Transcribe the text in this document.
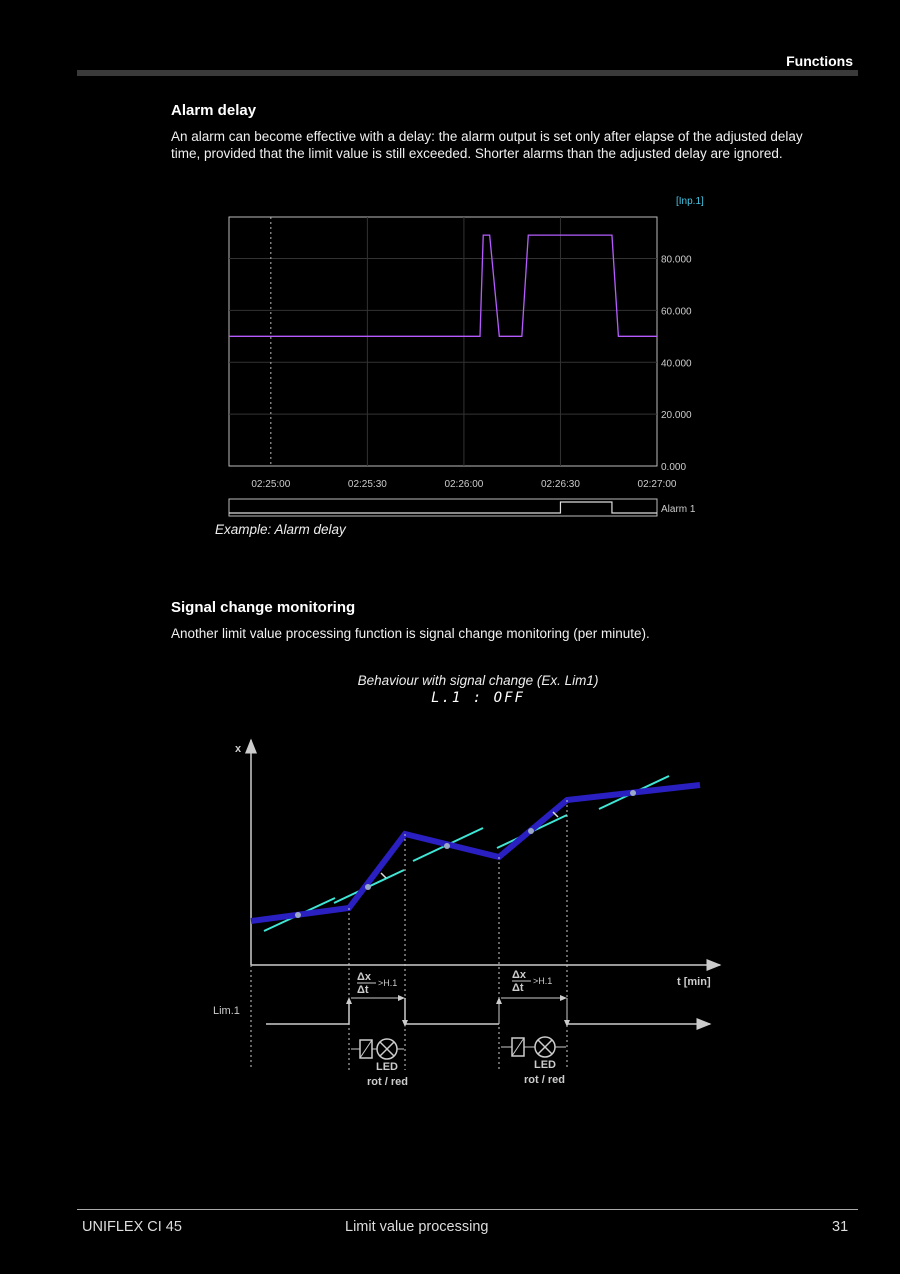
Functions
Alarm delay

An alarm can become effective with a delay: the alarm output is set only after elapse of the adjusted delay time, provided that the limit value is still exceeded. Shorter alarms than the adjusted delay are ignored.

0.000
20.000
40.000
60.000
80.000
02:25:00	02:25:30	02:26:00	02:26:30	02:27:00
[Inp.1]
Alarm 1
Example: Alarm delay
Signal change monitoring

Another limit value processing function is signal change monitoring (per minute).

Behaviour with signal change (Ex. Lim1)
L.1 : OFF
x
t [min]
Δx
Δt
>H.1
Δx
Δt
>H.1
Lim.1
LED
rot / red
LED
rot / red
UNIFLEX CI 45	Limit value processing	31
